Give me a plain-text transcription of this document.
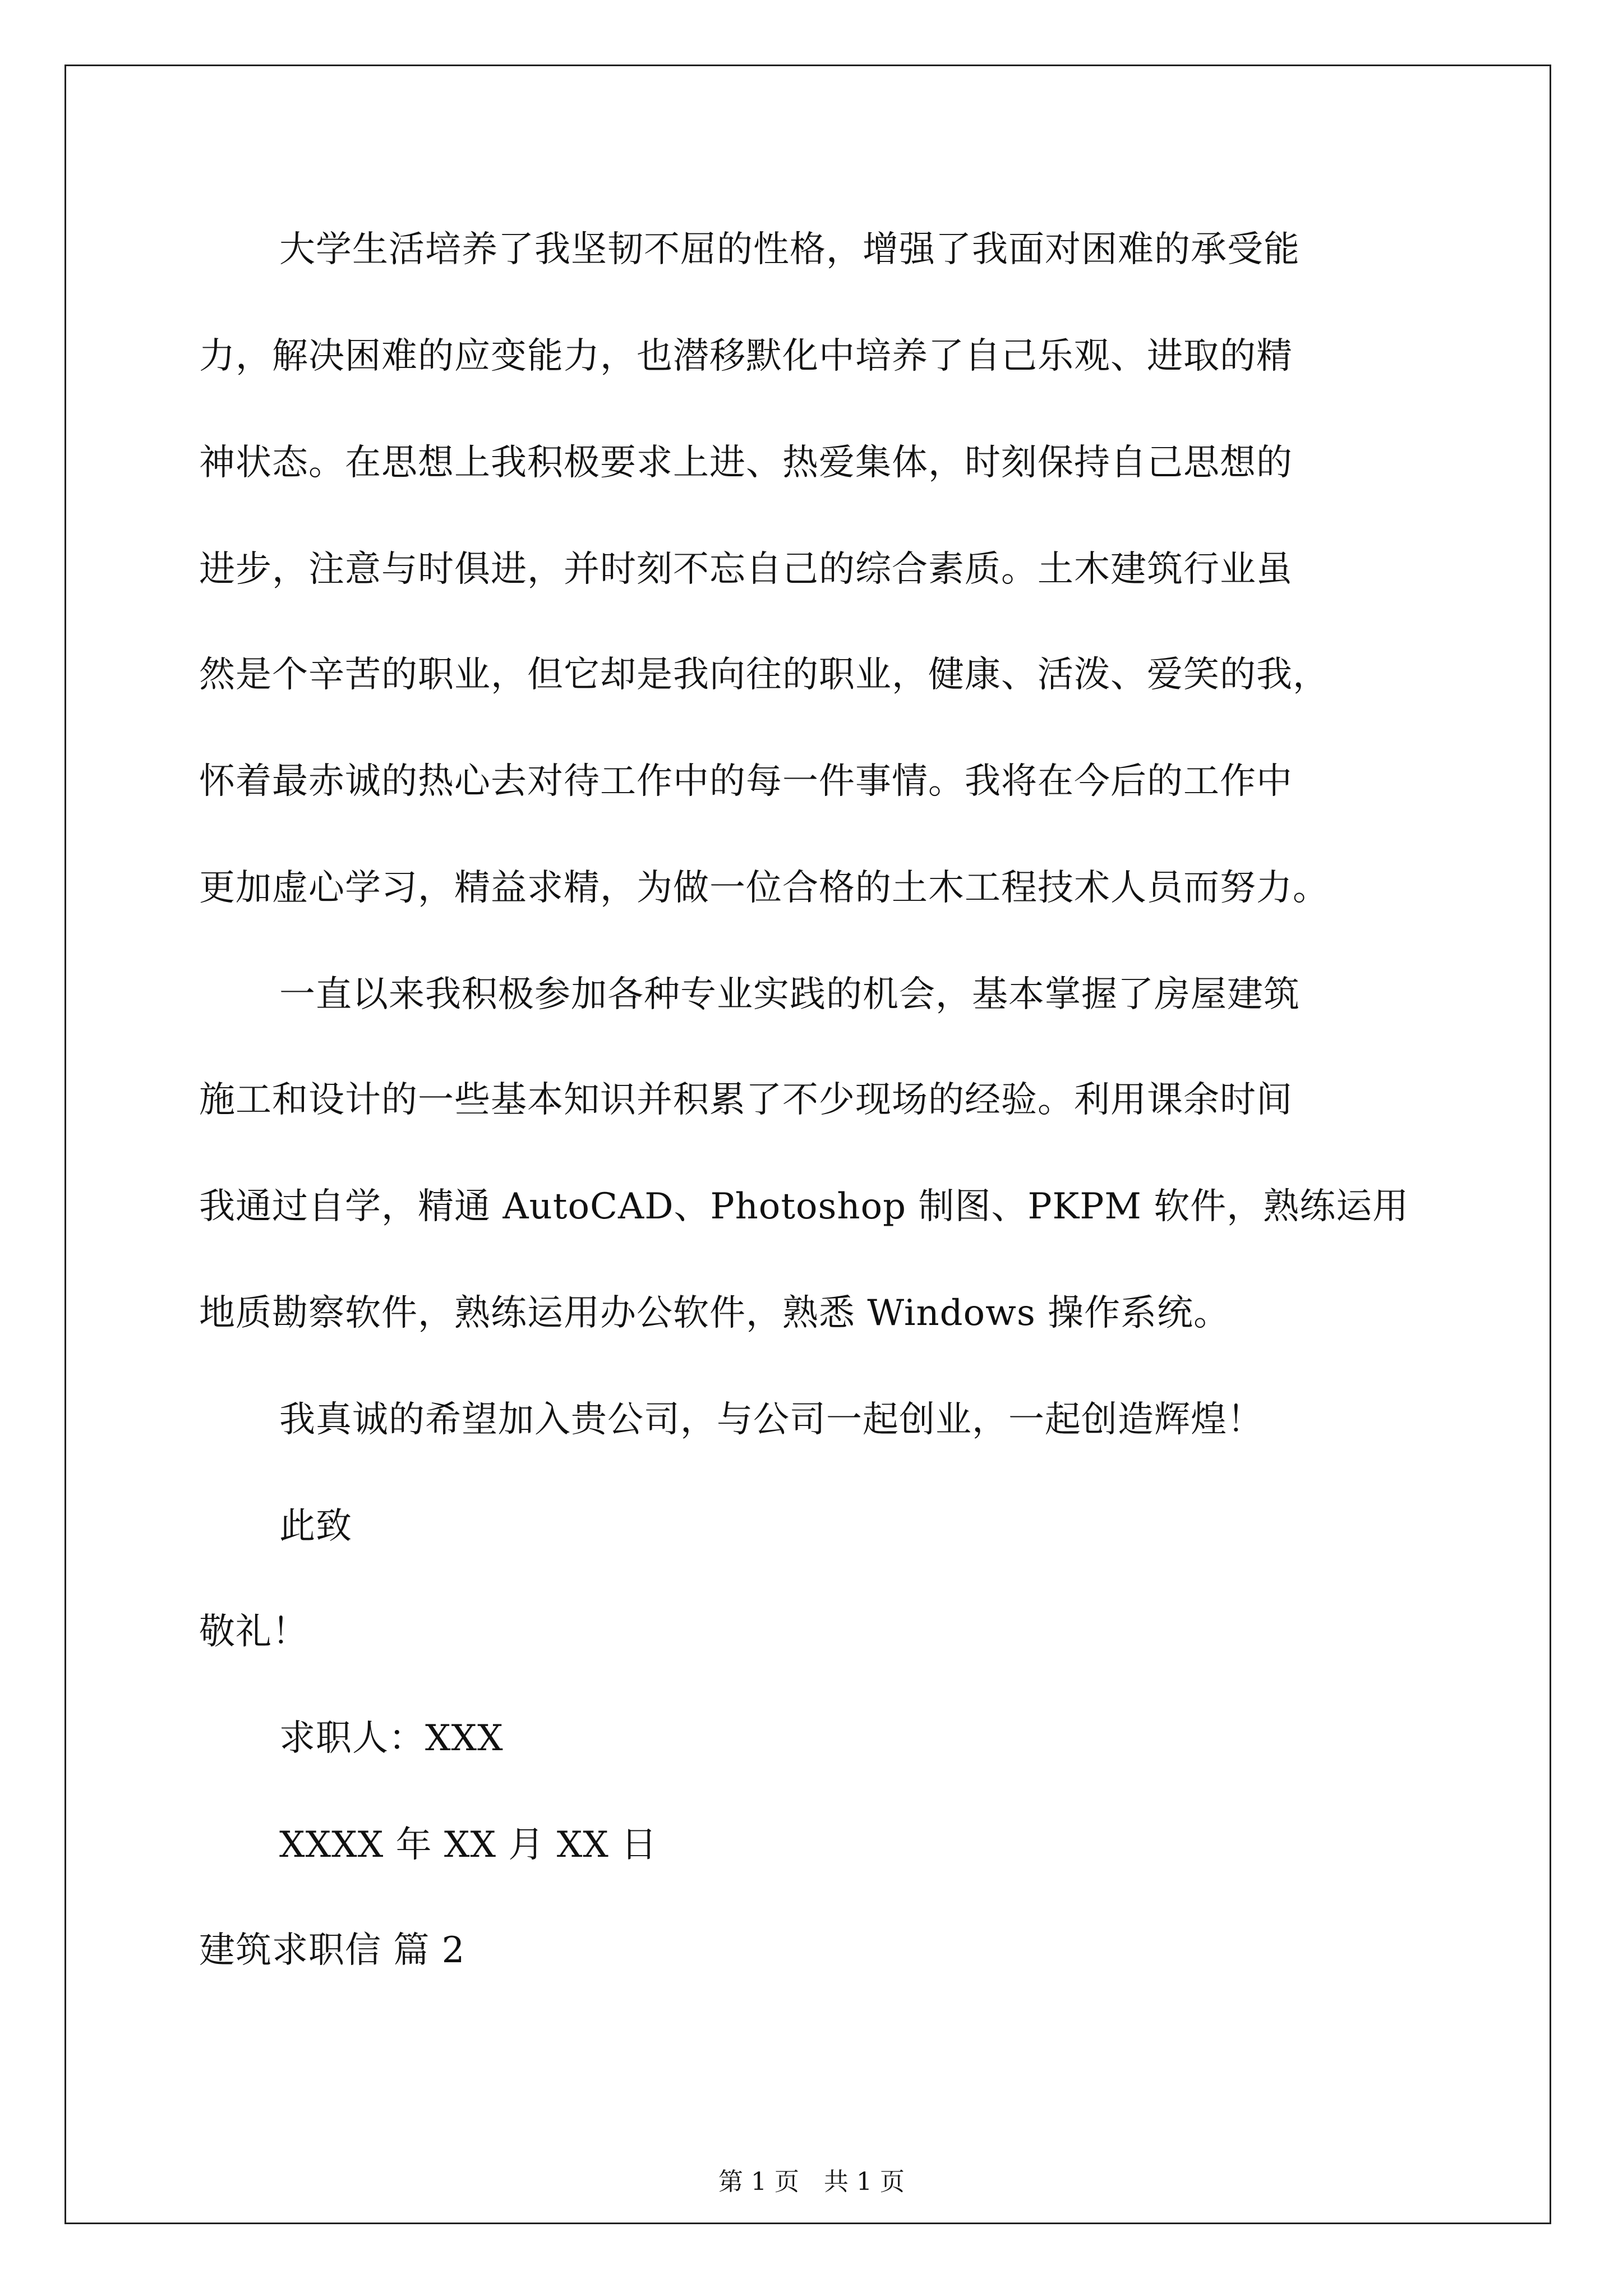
大学生活培养了我坚韧不屈的性格，增强了我面对困难的承受能
力，解决困难的应变能力，也潜移默化中培养了自己乐观、进取的精
神状态。在思想上我积极要求上进、热爱集体，时刻保持自己思想的
进步，注意与时俱进，并时刻不忘自己的综合素质。土木建筑行业虽
然是个辛苦的职业，但它却是我向往的职业，健康、活泼、爱笑的我，
怀着最赤诚的热心去对待工作中的每一件事情。我将在今后的工作中
更加虚心学习，精益求精，为做一位合格的土木工程技术人员而努力。
一直以来我积极参加各种专业实践的机会，基本掌握了房屋建筑
施工和设计的一些基本知识并积累了不少现场的经验。利用课余时间
我通过自学，精通 AutoCAD、Photoshop 制图、PKPM 软件，熟练运用
地质勘察软件，熟练运用办公软件，熟悉 Windows 操作系统。
我真诚的希望加入贵公司，与公司一起创业，一起创造辉煌！
此致
敬礼！
求职人：XXX
XXXX 年 XX 月 XX 日
建筑求职信 篇 2
第 1 页　共 1 页
